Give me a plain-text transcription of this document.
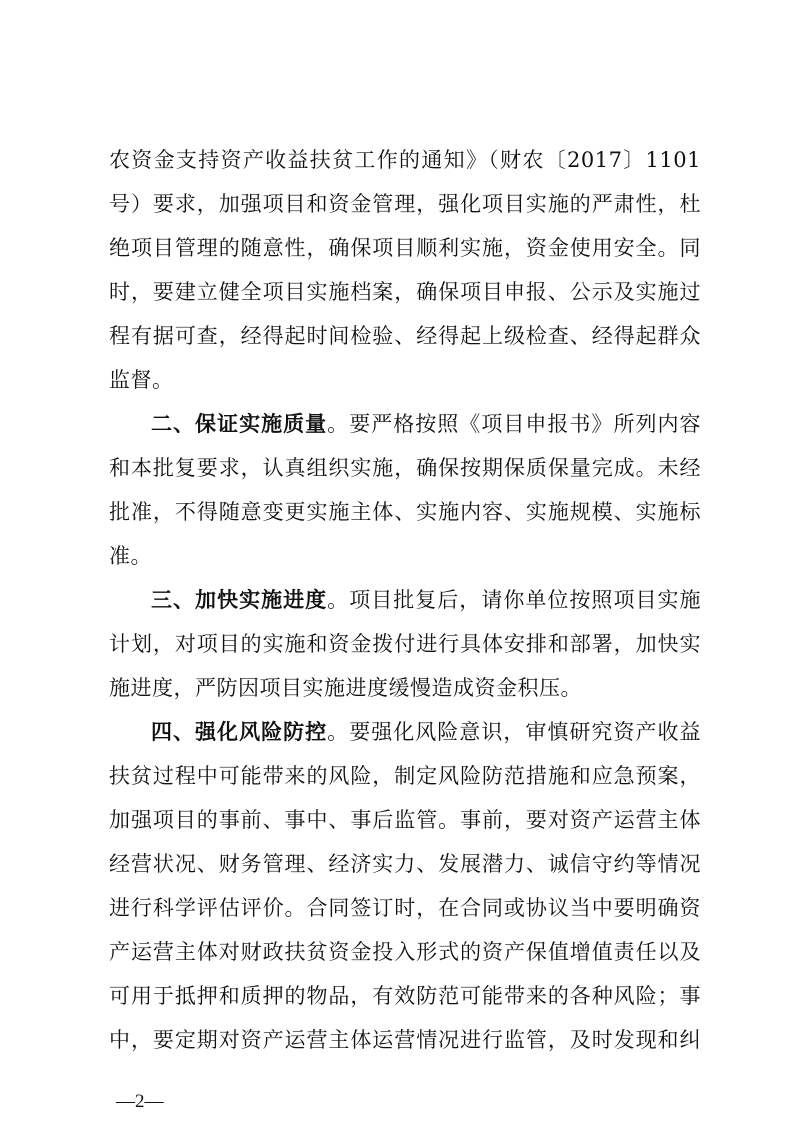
农资金支持资产收益扶贫工作的通知》（财农〔2017〕1101
号）要求，加强项目和资金管理，强化项目实施的严肃性，杜
绝项目管理的随意性，确保项目顺利实施，资金使用安全。同
时，要建立健全项目实施档案，确保项目申报、公示及实施过
程有据可查，经得起时间检验、经得起上级检查、经得起群众
监督。
二、保证实施质量。要严格按照《项目申报书》所列内容
和本批复要求，认真组织实施，确保按期保质保量完成。未经
批准，不得随意变更实施主体、实施内容、实施规模、实施标
准。
三、加快实施进度。项目批复后，请你单位按照项目实施
计划，对项目的实施和资金拨付进行具体安排和部署，加快实
施进度，严防因项目实施进度缓慢造成资金积压。
四、强化风险防控。要强化风险意识，审慎研究资产收益
扶贫过程中可能带来的风险，制定风险防范措施和应急预案，
加强项目的事前、事中、事后监管。事前，要对资产运营主体
经营状况、财务管理、经济实力、发展潜力、诚信守约等情况
进行科学评估评价。合同签订时，在合同或协议当中要明确资
产运营主体对财政扶贫资金投入形式的资产保值增值责任以及
可用于抵押和质押的物品，有效防范可能带来的各种风险；事
中，要定期对资产运营主体运营情况进行监管，及时发现和纠
—2—
